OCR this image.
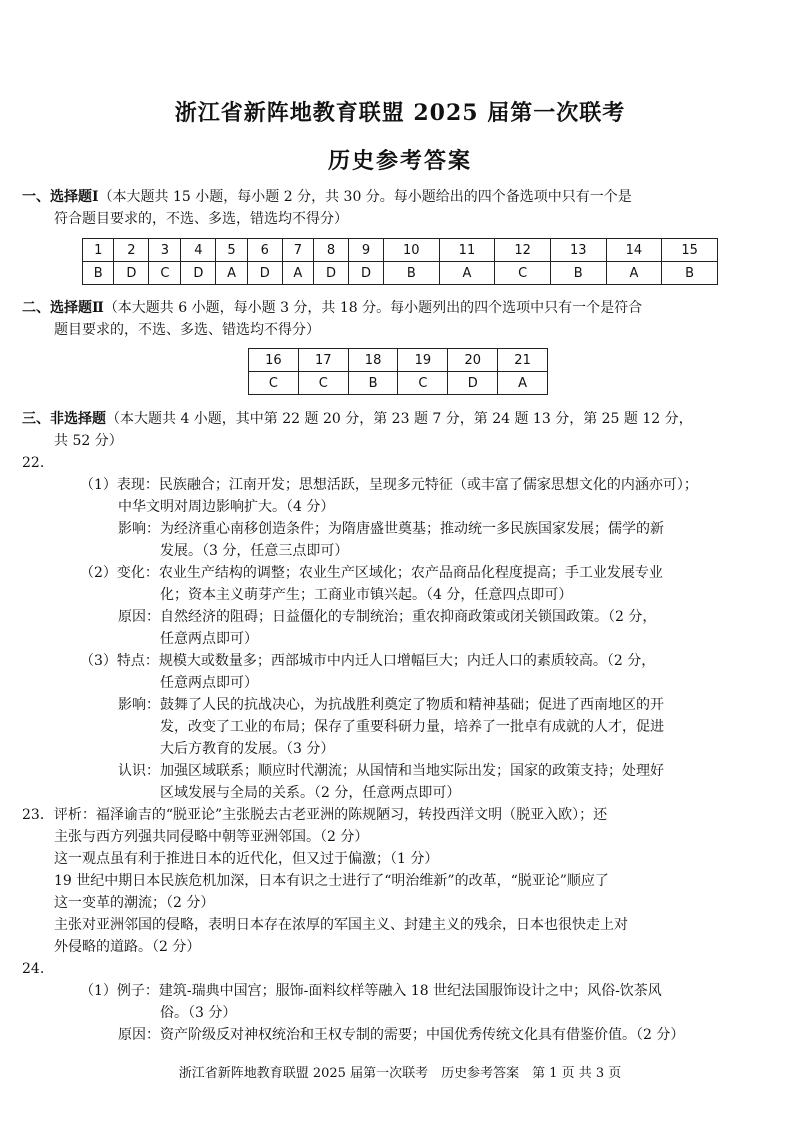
浙江省新阵地教育联盟 2025 届第一次联考
历史参考答案
一、选择题Ⅰ（本大题共 15 小题，每小题 2 分，共 30 分。每小题给出的四个备选项中只有一个是
符合题目要求的，不选、多选，错选均不得分）
1	2	3	4	5	6	7	8	9	10	11	12	13	14	15
B	D	C	D	A	D	A	D	D	B	A	C	B	A	B
二、选择题Ⅱ（本大题共 6 小题，每小题 3 分，共 18 分。每小题列出的四个选项中只有一个是符合
题目要求的，不选、多选、错选均不得分）
16	17	18	19	20	21
C	C	B	C	D	A
三、非选择题（本大题共 4 小题，其中第 22 题 20 分，第 23 题 7 分，第 24 题 13 分，第 25 题 12 分，
共 52 分）
22.
（1）表现：民族融合；江南开发；思想活跃，呈现多元特征（或丰富了儒家思想文化的内涵亦可）；
中华文明对周边影响扩大。（4 分）
影响：为经济重心南移创造条件；为隋唐盛世奠基；推动统一多民族国家发展；儒学的新
发展。（3 分，任意三点即可）
（2）变化：农业生产结构的调整；农业生产区域化；农产品商品化程度提高；手工业发展专业
化；资本主义萌芽产生；工商业市镇兴起。（4 分，任意四点即可）
原因：自然经济的阻碍；日益僵化的专制统治；重农抑商政策或闭关锁国政策。（2 分，
任意两点即可）
（3）特点：规模大或数量多；西部城市中内迁人口增幅巨大；内迁人口的素质较高。（2 分，
任意两点即可）
影响：鼓舞了人民的抗战决心，为抗战胜利奠定了物质和精神基础；促进了西南地区的开
发，改变了工业的布局；保存了重要科研力量，培养了一批卓有成就的人才，促进
大后方教育的发展。（3 分）
认识：加强区域联系；顺应时代潮流；从国情和当地实际出发；国家的政策支持；处理好
区域发展与全局的关系。（2 分，任意两点即可）
23．评析：福泽谕吉的“脱亚论”主张脱去古老亚洲的陈规陋习，转投西洋文明（脱亚入欧）；还
主张与西方列强共同侵略中朝等亚洲邻国。（2 分）
这一观点虽有利于推进日本的近代化，但又过于偏激；（1 分）
19 世纪中期日本民族危机加深，日本有识之士进行了“明治维新”的改革，“脱亚论”顺应了
这一变革的潮流；（2 分）
主张对亚洲邻国的侵略，表明日本存在浓厚的军国主义、封建主义的残余，日本也很快走上对
外侵略的道路。（2 分）
24.
（1）例子：建筑-瑞典中国宫；服饰-面料纹样等融入 18 世纪法国服饰设计之中；风俗-饮茶风
俗。（3 分）
原因：资产阶级反对神权统治和王权专制的需要；中国优秀传统文化具有借鉴价值。（2 分）
浙江省新阵地教育联盟 2025 届第一次联考　历史参考答案　第 1 页 共 3 页
